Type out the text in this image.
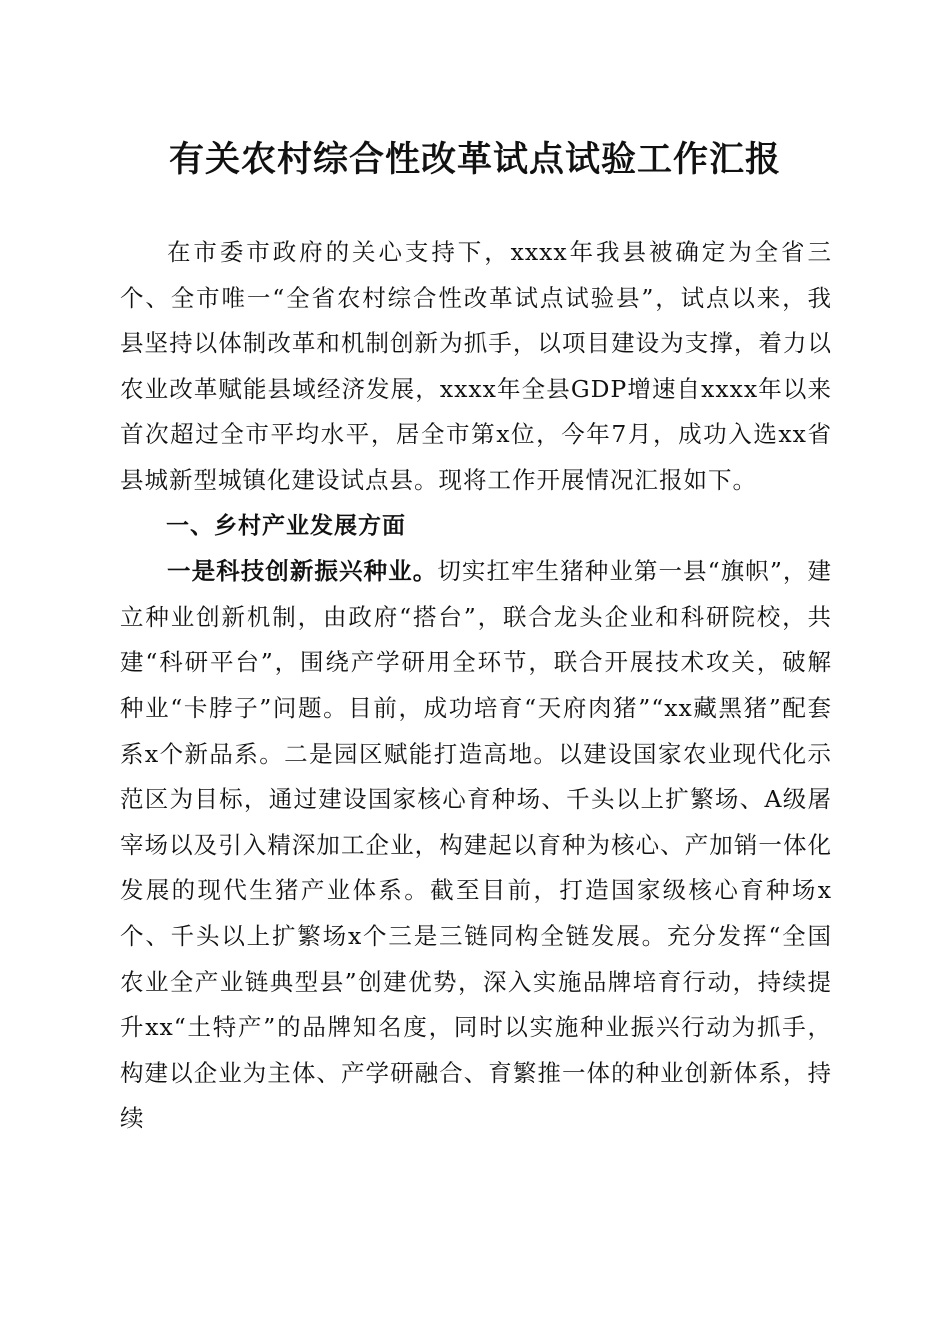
有关农村综合性改革试点试验工作汇报

在市委市政府的关心支持下，xxxx年我县被确定为全省三个、全市唯一“全省农村综合性改革试点试验县”，试点以来，我县坚持以体制改革和机制创新为抓手，以项目建设为支撑，着力以农业改革赋能县域经济发展，xxxx年全县GDP增速自xxxx年以来首次超过全市平均水平，居全市第x位，今年7月，成功入选xx省县城新型城镇化建设试点县。现将工作开展情况汇报如下。

一、乡村产业发展方面

一是科技创新振兴种业。切实扛牢生猪种业第一县“旗帜”，建立种业创新机制，由政府“搭台”，联合龙头企业和科研院校，共建“科研平台”，围绕产学研用全环节，联合开展技术攻关，破解种业“卡脖子”问题。目前，成功培育“天府肉猪”“xx藏黑猪”配套系x个新品系。二是园区赋能打造高地。以建设国家农业现代化示范区为目标，通过建设国家核心育种场、千头以上扩繁场、A级屠宰场以及引入精深加工企业，构建起以育种为核心、产加销一体化发展的现代生猪产业体系。截至目前，打造国家级核心育种场x个、千头以上扩繁场x个三是三链同构全链发展。充分发挥“全国农业全产业链典型县”创建优势，深入实施品牌培育行动，持续提升xx“土特产”的品牌知名度，同时以实施种业振兴行动为抓手，构建以企业为主体、产学研融合、育繁推一体的种业创新体系，持续
